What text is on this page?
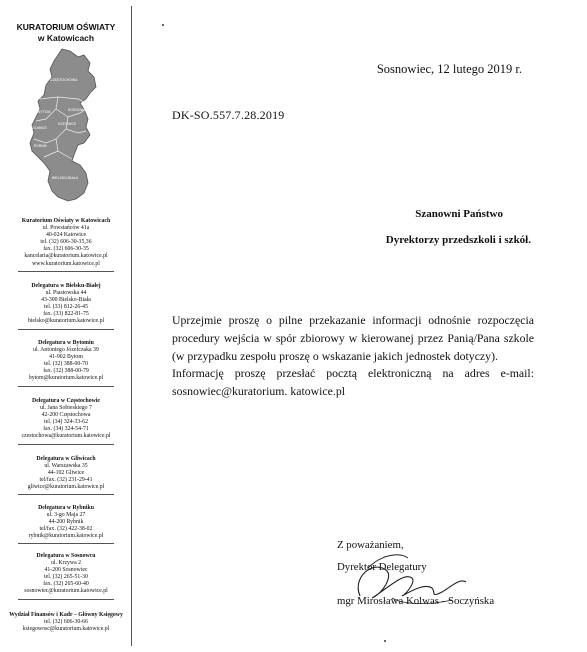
KURATORIUM OŚWIATY
w Katowicach
CZĘSTOCHOWA
BYTOM
GLIWICE
KATOWICE
RYBNIK
SOSNOWIEC
BIELSKO-BIAŁA
Kuratorium Oświaty w Katowicach
ul. Powstańców 41a
40-024 Katowice
tel. (32) 606-30-35,36
fax. (32) 606-30-35
kancelaria@kuratorium.katowice.pl
www.kuratorium.katowice.pl
Delegatura w Bielsku-Białej
ul. Piastowska 44
43-300 Bielsko-Biała
tel. (33) 812-26-45
fax. (33) 822-81-75
bielsko@kuratorium.katowice.pl
Delegatura w Bytomiu
ul. Antoniego Józefczaka 39
41-902 Bytom
tel. (32) 388-00-70
fax. (32) 388-00-79
bytom@kuratorium.katowice.pl
Delegatura w Częstochowie
ul. Jana Sobieskiego 7
42-200 Częstochowa
tel. (34) 324-33-62
fax. (34) 324-54-71
czestochowa@kuratorium.katowice.pl
Delegatura w Gliwicach
ul. Warszawska 35
44-102 Gliwice
tel/fax. (32) 231-29-41
gliwice@kuratorium.katowice.pl
Delegatura w Rybniku
ul. 3-go Maja 27
44-200 Rybnik
tel/fax. (32) 422-38-02
rybnik@kuratorium.katowice.pl
Delegatura w Sosnowcu
ul. Krzywa 2
41-200 Sosnowiec
tel. (32) 265-51-30
fax. (32) 265-60-40
sosnowiec@kuratorium.katowice.pl
Wydział Finansów i Kadr – Główny Księgowy
tel. (32) 606-30-66
ksiegowosc@kuratorium.katowice.pl
Sosnowiec, 12 lutego 2019 r.
DK-SO.557.7.28.2019
Szanowni Państwo
Dyrektorzy przedszkoli i szkół.

Uprzejmie proszę o pilne przekazanie informacji odnośnie rozpoczęcia procedury wejścia w spór zbiorowy w kierowanej przez Panią/Pana szkole (w przypadku zespołu proszę o wskazanie jakich jednostek dotyczy).

Informację proszę przesłać pocztą elektroniczną na adres e-mail: sosnowiec@kuratorium. katowice.pl

Z poważaniem,
Dyrektor Delegatury
mgr Mirosława Kolwas - Soczyńska
